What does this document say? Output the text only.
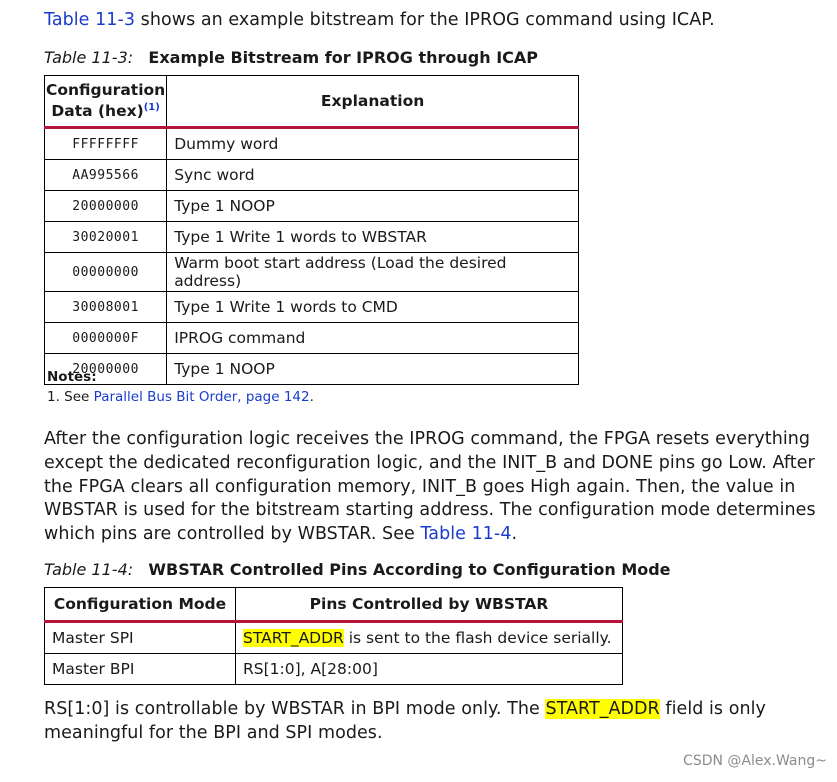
Table 11-3 shows an example bitstream for the IPROG command using ICAP.
Table 11-3: Example Bitstream for IPROG through ICAP
Configuration
Data (hex)$^{(1)}$	Explanation
FFFFFFFF	Dummy word
AA995566	Sync word
20000000	Type 1 NOOP
30020001	Type 1 Write 1 words to WBSTAR
00000000	Warm boot start address (Load the desired address)
30008001	Type 1 Write 1 words to CMD
0000000F	IPROG command
20000000	Type 1 NOOP
Notes:
1. See Parallel Bus Bit Order, page 142.
After the configuration logic receives the IPROG command, the FPGA resets everything except the dedicated reconfiguration logic, and the INIT_B and DONE pins go Low. After the FPGA clears all configuration memory, INIT_B goes High again. Then, the value in WBSTAR is used for the bitstream starting address. The configuration mode determines which pins are controlled by WBSTAR. See Table 11-4.
Table 11-4: WBSTAR Controlled Pins According to Configuration Mode
Configuration Mode	Pins Controlled by WBSTAR
Master SPI	START_ADDR is sent to the flash device serially.
Master BPI	RS[1:0], A[28:00]
RS[1:0] is controllable by WBSTAR in BPI mode only. The START_ADDR field is only meaningful for the BPI and SPI modes.
CSDN @Alex.Wang~
